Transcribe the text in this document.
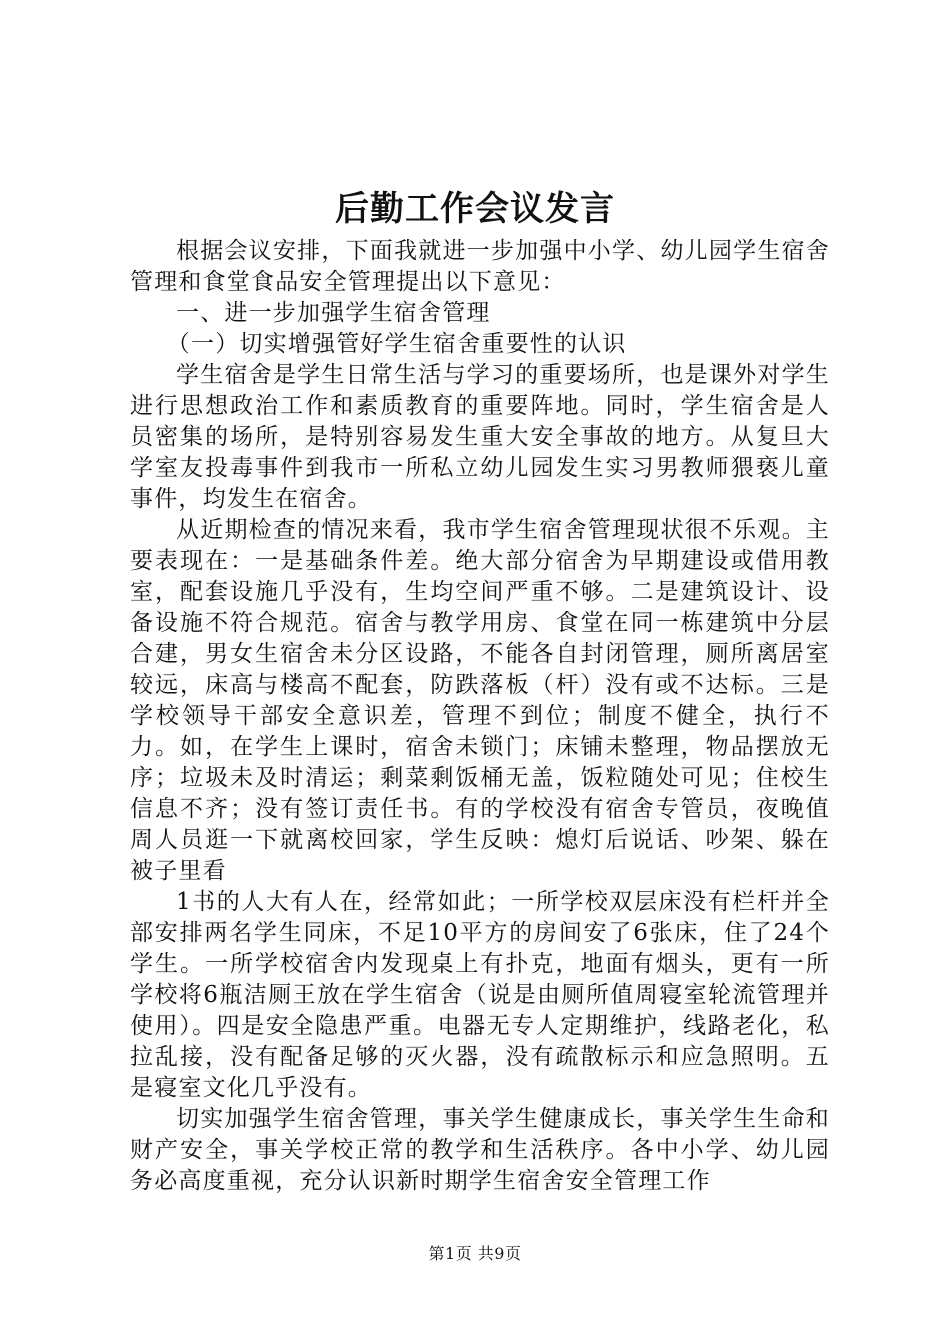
后勤工作会议发言

根据会议安排，下面我就进一步加强中小学、幼儿园学生宿舍管理和食堂食品安全管理提出以下意见：

一、进一步加强学生宿舍管理

（一）切实增强管好学生宿舍重要性的认识

学生宿舍是学生日常生活与学习的重要场所，也是课外对学生进行思想政治工作和素质教育的重要阵地。同时，学生宿舍是人员密集的场所，是特别容易发生重大安全事故的地方。从复旦大学室友投毒事件到我市一所私立幼儿园发生实习男教师猥亵儿童事件，均发生在宿舍。

从近期检查的情况来看，我市学生宿舍管理现状很不乐观。主要表现在：一是基础条件差。绝大部分宿舍为早期建设或借用教室，配套设施几乎没有，生均空间严重不够。二是建筑设计、设备设施不符合规范。宿舍与教学用房、食堂在同一栋建筑中分层合建，男女生宿舍未分区设路，不能各自封闭管理，厕所离居室较远，床高与楼高不配套，防跌落板（杆）没有或不达标。三是学校领导干部安全意识差，管理不到位；制度不健全，执行不力。如，在学生上课时，宿舍未锁门；床铺未整理，物品摆放无序；垃圾未及时清运；剩菜剩饭桶无盖，饭粒随处可见；住校生信息不齐；没有签订责任书。有的学校没有宿舍专管员，夜晚值周人员逛一下就离校回家，学生反映：熄灯后说话、吵架、躲在被子里看

1书的人大有人在，经常如此；一所学校双层床没有栏杆并全部安排两名学生同床，不足10平方的房间安了6张床，住了24个学生。一所学校宿舍内发现桌上有扑克，地面有烟头，更有一所学校将6瓶洁厕王放在学生宿舍（说是由厕所值周寝室轮流管理并使用）。四是安全隐患严重。电器无专人定期维护，线路老化，私拉乱接，没有配备足够的灭火器，没有疏散标示和应急照明。五是寝室文化几乎没有。

切实加强学生宿舍管理，事关学生健康成长，事关学生生命和财产安全，事关学校正常的教学和生活秩序。各中小学、幼儿园务必高度重视，充分认识新时期学生宿舍安全管理工作

第1页 共9页
